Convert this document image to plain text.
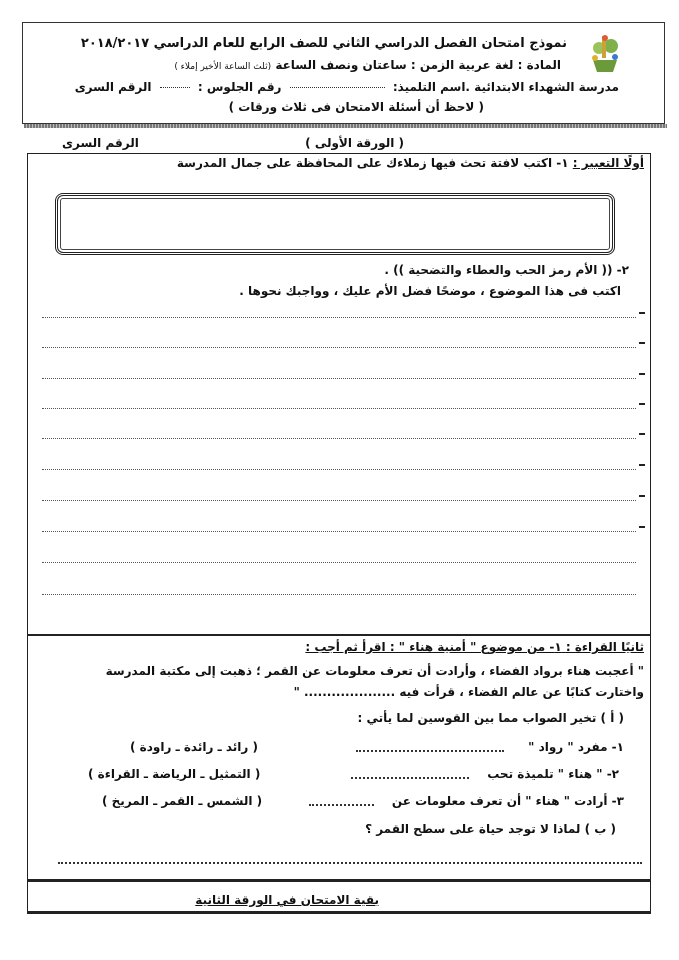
نموذج امتحان الفصل الدراسي الثاني للصف الرابع للعام الدراسي ٢٠١٨/٢٠١٧
المادة : لغة عربية الزمن : ساعتان ونصف الساعة (ثلث الساعة الأخير إملاء )
مدرسة الشهداء الابتدائية .اسم التلميذ:  رقم الجلوس :  الرقم السرى
( لاحظ أن أسئلة الامتحان فى ثلاث ورقات )
( الورقة الأولى )
الرقم السرى
أولًا التعبير : ١- اكتب لافتة تحث فيها زملاءك على المحافظة على جمال المدرسة
٢- (( الأم رمز الحب والعطاء والتضحية )) .
اكتب فى هذا الموضوع ، موضحًا فضل الأم عليك ، وواجبك نحوها .
ثانيًا القراءة : ١- من موضوع " أمنية هناء " : اقرأ ثم أجب :
" أعجبت هناء برواد الفضاء ، وأرادت أن تعرف معلومات عن القمر ؛ ذهبت إلى مكتبة المدرسة
واختارت كتابًا عن عالم الفضاء ، قرأت فيه .................... "
( أ ) تخير الصواب مما بين القوسين لما يأتي :
١- مفرد " رواد "
( رائد ـ رائدة ـ راودة )
٢- " هناء " تلميذة تحب
( التمثيل ـ الرياضة ـ القراءة )
٣- أرادت " هناء " أن تعرف معلومات عن
( الشمس ـ القمر ـ المريخ )
( ب ) لماذا لا توجد حياة على سطح القمر ؟
بقية الامتحان في الورقة الثانية
